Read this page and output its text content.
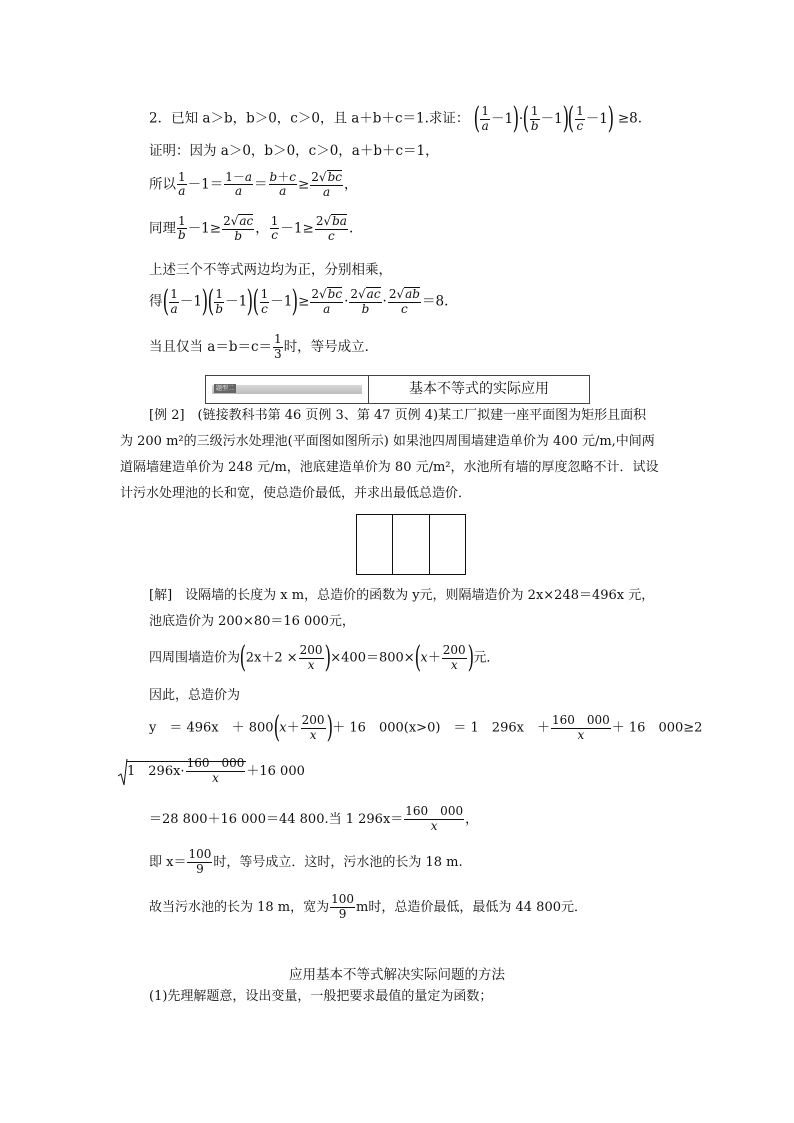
2．已知 a＞b，b＞0，c＞0，且 a＋b＋c＝1.求证： ( $\frac{1}{a} -1)\cdot( \frac{1}{b} -1)( \frac{1}{c} -1) \ge 8$.
证明：因为 a＞0，b＞0，c＞0，a＋b＋c＝1，
所以 $\frac{1}{a} -1= \frac{1-a}{a} = \frac{b+c}{a} \ge \frac{2√bc}{a}$ ，
同理 $\frac{1}{b} -1\ge \frac{2√ac}{b}$ ， $\frac{1}{c} -1\ge \frac{2√ba}{c}$ .
上述三个不等式两边均为正，分别相乘，
得( $\frac{1}{a} -1)( \frac{1}{b} -1)( \frac{1}{c} -1)\ge \frac{2√bc}{a} \cdot \frac{2√ac}{b} \cdot \frac{2√ab}{c} =8$.
当且仅当 $a=b=c= \frac{1}{3}$ 时，等号成立．
题型二	基本不等式的实际应用
[例 2]　(链接教科书第 46 页例 3、第 47 页例 4)某工厂拟建一座平面图为矩形且面积
为 200 m²的三级污水处理池(平面图如图所示) 如果池四周围墙建造单价为 400 元/m,中间两
道隔墙建造单价为 248 元/m，池底建造单价为 80 元/m²，水池所有墙的厚度忽略不计．试设
计污水处理池的长和宽，使总造价最低，并求出最低总造价．
[解]　设隔墙的长度为 x m，总造价的函数为 y元，则隔墙造价为 2x×248＝496x 元，
池底造价为 200×80＝16 000元，
四周围墙造价为$(2x+2 \times \frac{200}{x} )\times 400=800\times(x+ \frac{200}{x}$ )元．
因此，总造价为
y　＝ 496x　＋ $800(x+ \frac{200}{x}$ )＋ 16　000(x>0)　＝ 1　296x　＋ $\frac{160 000}{x} + 16$　000≥2
1　$296x\cdot \frac{160 000}{x} +16$ 000
＝28 800＋16 000＝44 800.当 1 $296x= \frac{160 000}{x}$ ，
即 $x= \frac{100}{9}$ 时，等号成立．这时，污水池的长为 18 m.
故当污水池的长为 18 m，宽为 $\frac{100}{9}$ m时，总造价最低，最低为 44 800元．
应用基本不等式解决实际问题的方法
(1)先理解题意，设出变量，一般把要求最值的量定为函数；
